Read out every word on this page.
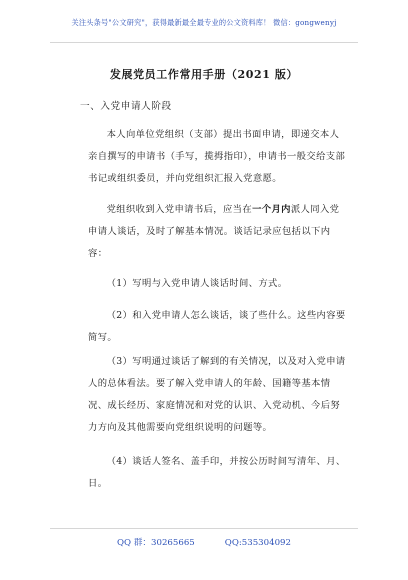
关注头条号"公文研究"，获得最新最全最专业的公文资料库！ 微信：gongwenyj
发展党员工作常用手册（2021 版）
一、入党申请人阶段
本人向单位党组织（支部）提出书面申请，即递交本人亲自撰写的申请书（手写，揽拇指印），申请书一般交给支部书记或组织委员，并向党组织汇报入党意愿。
党组织收到入党申请书后，应当在一个月内派人同入党申请人谈话，及时了解基本情况。谈话记录应包括以下内容：
（1）写明与入党申请人谈话时间、方式。
（2）和入党申请人怎么谈话，谈了些什么。这些内容要简写。
（3）写明通过谈话了解到的有关情况，以及对入党申请人的总体看法。要了解入党申请人的年龄、国籍等基本情况、成长经历、家庭情况和对党的认识、入党动机、今后努力方向及其他需要向党组织说明的问题等。
（4）谈话人签名、盖手印，并按公历时间写清年、月、日。
QQ 群：30265665	QQ:535304092
